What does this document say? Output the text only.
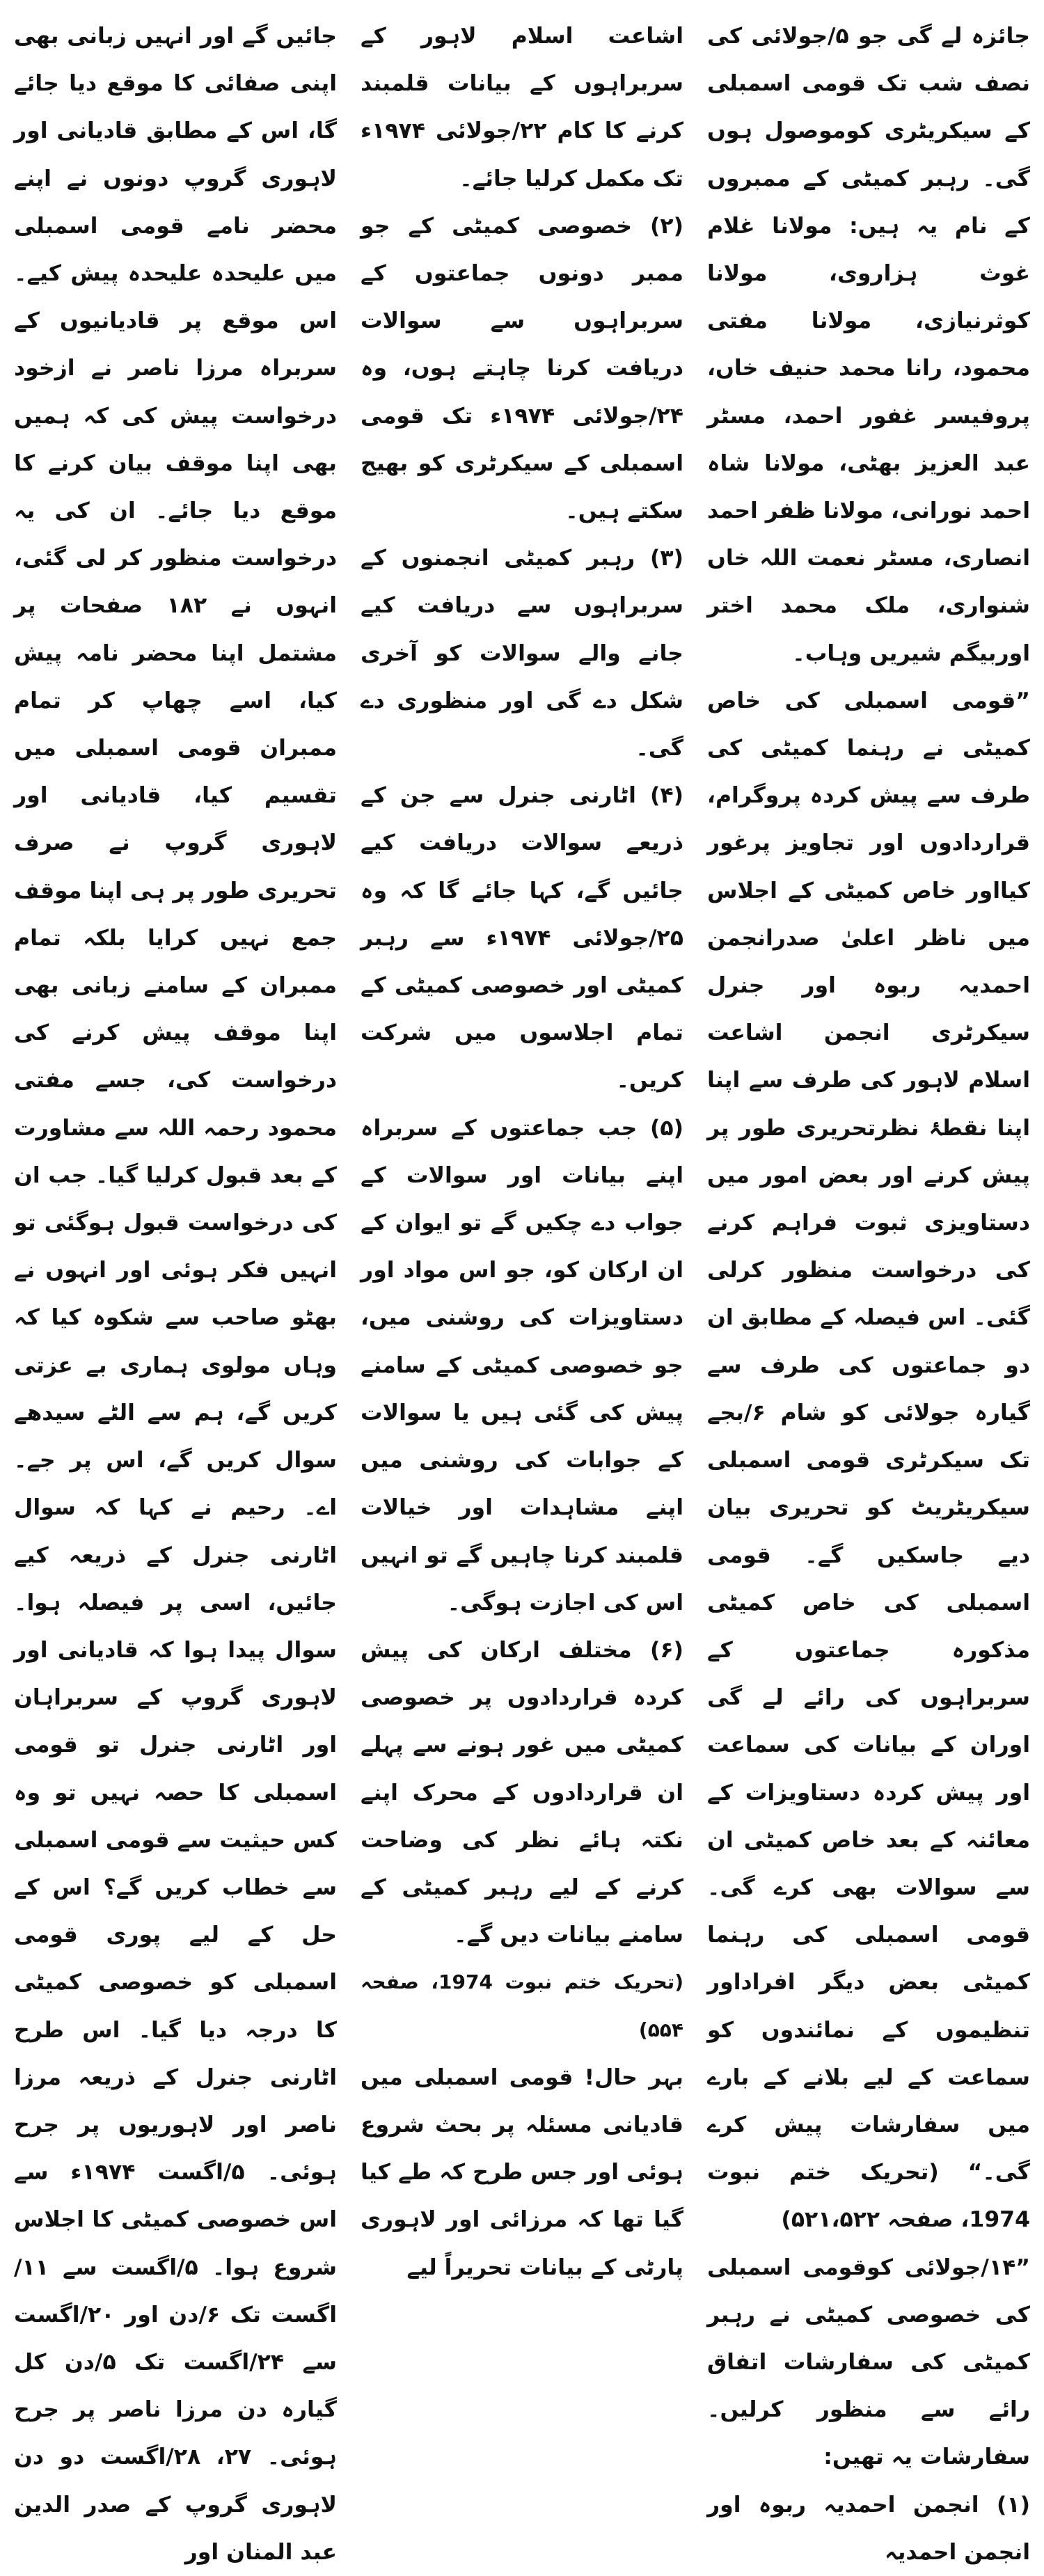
جائزہ لے گی جو ۵/جولائی کی نصف شب تک قومی اسمبلی کے سیکریٹری کوموصول ہوں گی۔ رہبر کمیٹی کے ممبروں کے نام یہ ہیں: مولانا غلام غوث ہزاروی، مولانا کوثرنیازی، مولانا مفتی محمود، رانا محمد حنیف خاں، پروفیسر غفور احمد، مسٹر عبد العزیز بھٹی، مولانا شاہ احمد نورانی، مولانا ظفر احمد انصاری، مسٹر نعمت اللہ خاں شنواری، ملک محمد اختر اوربیگم شیریں وہاب۔

”قومی اسمبلی کی خاص کمیٹی نے رہنما کمیٹی کی طرف سے پیش کردہ پروگرام، قراردادوں اور تجاویز پرغور کیااور خاص کمیٹی کے اجلاس میں ناظر اعلیٰ صدرانجمن احمدیہ ربوہ اور جنرل سیکرٹری انجمن اشاعت اسلام لاہور کی طرف سے اپنا اپنا نقطۂ نظرتحریری طور پر پیش کرنے اور بعض امور میں دستاویزی ثبوت فراہم کرنے کی درخواست منظور کرلی گئی۔ اس فیصلہ کے مطابق ان دو جماعتوں کی طرف سے گیارہ جولائی کو شام ۶/بجے تک سیکرٹری قومی اسمبلی سیکریٹریٹ کو تحریری بیان دیے جاسکیں گے۔ قومی اسمبلی کی خاص کمیٹی مذکورہ جماعتوں کے سربراہوں کی رائے لے گی اوران کے بیانات کی سماعت اور پیش کردہ دستاویزات کے معائنہ کے بعد خاص کمیٹی ان سے سوالات بھی کرے گی۔ قومی اسمبلی کی رہنما کمیٹی بعض دیگر افراداور تنظیموں کے نمائندوں کو سماعت کے لیے بلانے کے بارے میں سفارشات پیش کرے گی۔“ (تحریک ختم نبوت 1974، صفحہ ۵۲۱،۵۲۲)

”۱۴/جولائی کوقومی اسمبلی کی خصوصی کمیٹی نے رہبر کمیٹی کی سفارشات اتفاق رائے سے منظور کرلیں۔ سفارشات یہ تھیں:

(۱) انجمن احمدیہ ربوہ اور انجمن احمدیہ

اشاعت اسلام لاہور کے سربراہوں کے بیانات قلمبند کرنے کا کام ۲۲/جولائی ۱۹۷۴ء تک مکمل کرلیا جائے۔

(۲) خصوصی کمیٹی کے جو ممبر دونوں جماعتوں کے سربراہوں سے سوالات دریافت کرنا چاہتے ہوں، وہ ۲۴/جولائی ۱۹۷۴ء تک قومی اسمبلی کے سیکرٹری کو بھیج سکتے ہیں۔

(۳) رہبر کمیٹی انجمنوں کے سربراہوں سے دریافت کیے جانے والے سوالات کو آخری شکل دے گی اور منظوری دے گی۔

(۴) اٹارنی جنرل سے جن کے ذریعے سوالات دریافت کیے جائیں گے، کہا جائے گا کہ وہ ۲۵/جولائی ۱۹۷۴ء سے رہبر کمیٹی اور خصوصی کمیٹی کے تمام اجلاسوں میں شرکت کریں۔

(۵) جب جماعتوں کے سربراہ اپنے بیانات اور سوالات کے جواب دے چکیں گے تو ایوان کے ان ارکان کو، جو اس مواد اور دستاویزات کی روشنی میں، جو خصوصی کمیٹی کے سامنے پیش کی گئی ہیں یا سوالات کے جوابات کی روشنی میں اپنے مشاہدات اور خیالات قلمبند کرنا چاہیں گے تو انہیں اس کی اجازت ہوگی۔

(۶) مختلف ارکان کی پیش کردہ قراردادوں پر خصوصی کمیٹی میں غور ہونے سے پہلے ان قراردادوں کے محرک اپنے نکتہ ہائے نظر کی وضاحت کرنے کے لیے رہبر کمیٹی کے سامنے بیانات دیں گے۔

(تحریک ختم نبوت 1974، صفحہ ۵۵۴)

بہر حال! قومی اسمبلی میں قادیانی مسئلہ پر بحث شروع ہوئی اور جس طرح کہ طے کیا گیا تھا کہ مرزائی اور لاہوری پارٹی کے بیانات تحریراً لیے

جائیں گے اور انہیں زبانی بھی اپنی صفائی کا موقع دیا جائے گا، اس کے مطابق قادیانی اور لاہوری گروپ دونوں نے اپنے محضر نامے قومی اسمبلی میں علیحدہ علیحدہ پیش کیے۔ اس موقع پر قادیانیوں کے سربراہ مرزا ناصر نے ازخود درخواست پیش کی کہ ہمیں بھی اپنا موقف بیان کرنے کا موقع دیا جائے۔ ان کی یہ درخواست منظور کر لی گئی، انہوں نے ۱۸۲ صفحات پر مشتمل اپنا محضر نامہ پیش کیا، اسے چھاپ کر تمام ممبران قومی اسمبلی میں تقسیم کیا، قادیانی اور لاہوری گروپ نے صرف تحریری طور پر ہی اپنا موقف جمع نہیں کرایا بلکہ تمام ممبران کے سامنے زبانی بھی اپنا موقف پیش کرنے کی درخواست کی، جسے مفتی محمود رحمہ اللہ سے مشاورت کے بعد قبول کرلیا گیا۔ جب ان کی درخواست قبول ہوگئی تو انہیں فکر ہوئی اور انہوں نے بھٹو صاحب سے شکوہ کیا کہ وہاں مولوی ہماری بے عزتی کریں گے، ہم سے الٹے سیدھے سوال کریں گے، اس پر جے۔ اے۔ رحیم نے کہا کہ سوال اٹارنی جنرل کے ذریعہ کیے جائیں، اسی پر فیصلہ ہوا۔ سوال پیدا ہوا کہ قادیانی اور لاہوری گروپ کے سربراہان اور اٹارنی جنرل تو قومی اسمبلی کا حصہ نہیں تو وہ کس حیثیت سے قومی اسمبلی سے خطاب کریں گے؟ اس کے حل کے لیے پوری قومی اسمبلی کو خصوصی کمیٹی کا درجہ دیا گیا۔ اس طرح اٹارنی جنرل کے ذریعہ مرزا ناصر اور لاہوریوں پر جرح ہوئی۔ ۵/اگست ۱۹۷۴ء سے اس خصوصی کمیٹی کا اجلاس شروع ہوا۔ ۵/اگست سے ۱۱/اگست تک ۶/دن اور ۲۰/اگست سے ۲۴/اگست تک ۵/دن کل گیارہ دن مرزا ناصر پر جرح ہوئی۔ ۲۷، ۲۸/اگست دو دن لاہوری گروپ کے صدر الدین عبد المنان اور
